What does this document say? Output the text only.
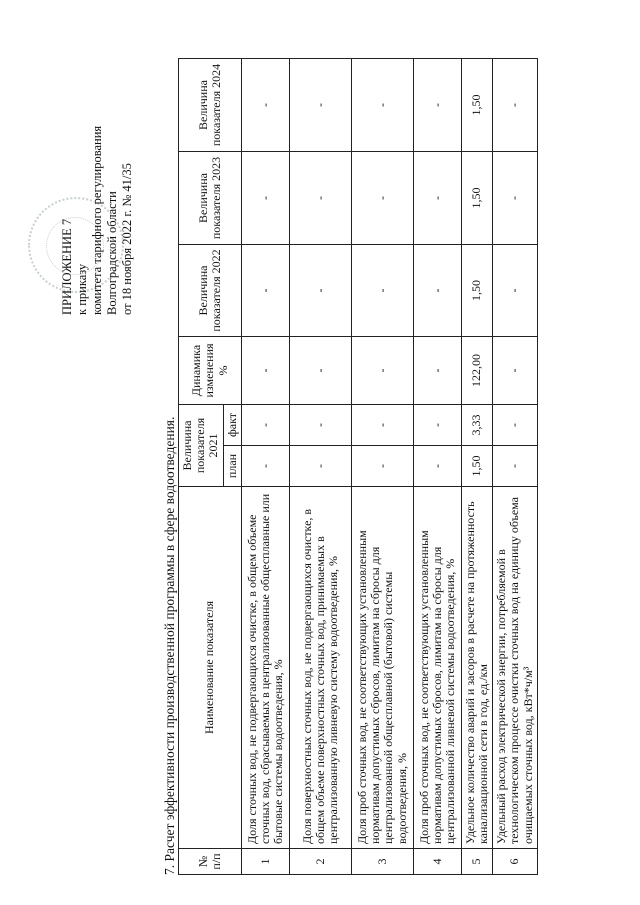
ПРИЛОЖЕНИЕ 7 к приказу комитета тарифного регулирования Волгоградской области от 18 ноября 2022 г. № 41/35
7. Расчет эффективности производственной программы в сфере водоотведения.
№ п/п	Наименование показателя	Величина показателя 2021		Динамика изменения %	Величина показателя 2022	Величина показателя 2023	Величина показателя 2024
		план	факт				
1	Доля сточных вод, не подвергающихся очистке, в общем объеме сточных вод, сбрасываемых в централизованные общесплавные или бытовые системы водоотведения, %	-	-	-	-	-	-
2	Доля поверхностных сточных вод, не подвергающихся очистке, в общем объеме поверхностных сточных вод, принимаемых в централизованную ливневую систему водоотведения, %	-	-	-	-	-	-
3	Доля проб сточных вод, не соответствующих установленным нормативам допустимых сбросов, лимитам на сбросы для централизованной общесплавной (бытовой) системы водоотведения, %	-	-	-	-	-	-
4	Доля проб сточных вод, не соответствующих установленным нормативам допустимых сбросов, лимитам на сбросы для централизованной ливневой системы водоотведения, %	-	-	-	-	-	-
5	Удельное количество аварий и засоров в расчете на протяженность канализационной сети в год, ед./км	1,50	3,33	122,00	1,50	1,50	1,50
6	Удельный расход электрической энергии, потребляемой в технологическом процессе очистки сточных вод на единицу объема очищаемых сточных вод, кВт*ч/м³	-	-	-	-	-	-
